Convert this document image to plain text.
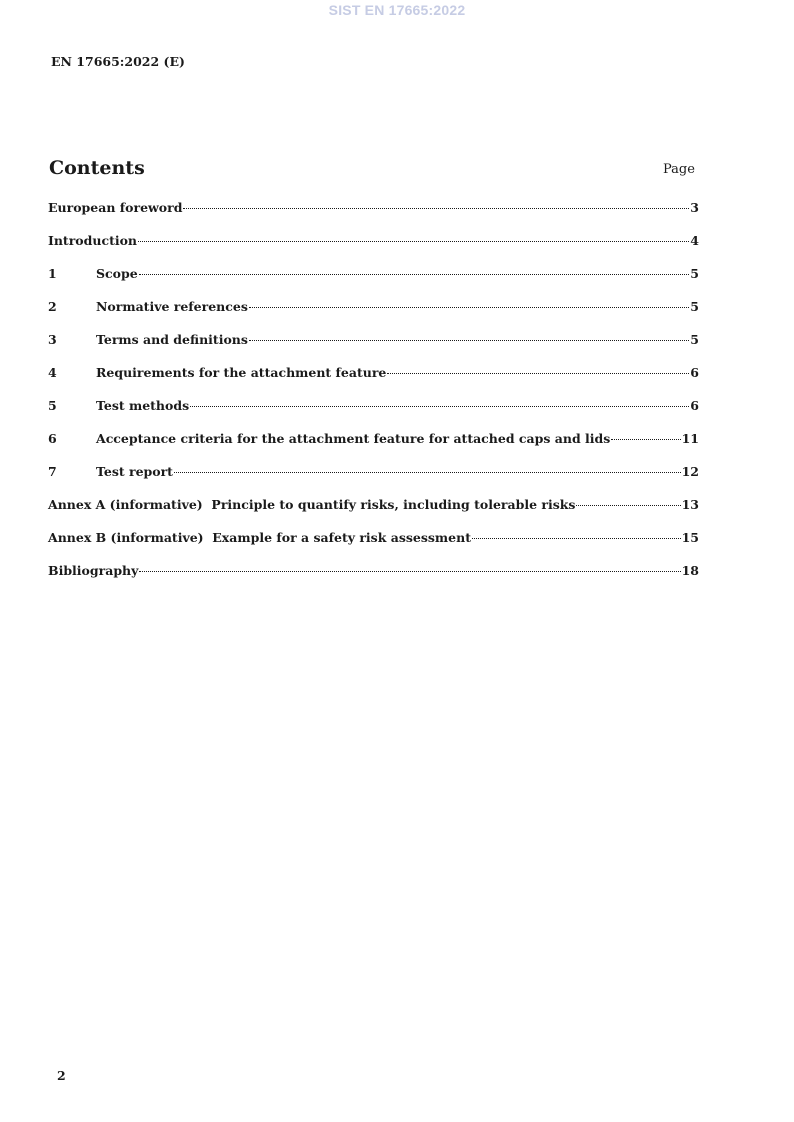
SIST EN 17665:2022
EN 17665:2022 (E)
Contents	Page
European foreword	3
Introduction	4
1	Scope	5
2	Normative references	5
3	Terms and definitions	5
4	Requirements for the attachment feature	6
5	Test methods	6
6	Acceptance criteria for the attachment feature for attached caps and lids	11
7	Test report	12
Annex A (informative)  Principle to quantify risks, including tolerable risks	13
Annex B (informative)  Example for a safety risk assessment	15
Bibliography	18
2
